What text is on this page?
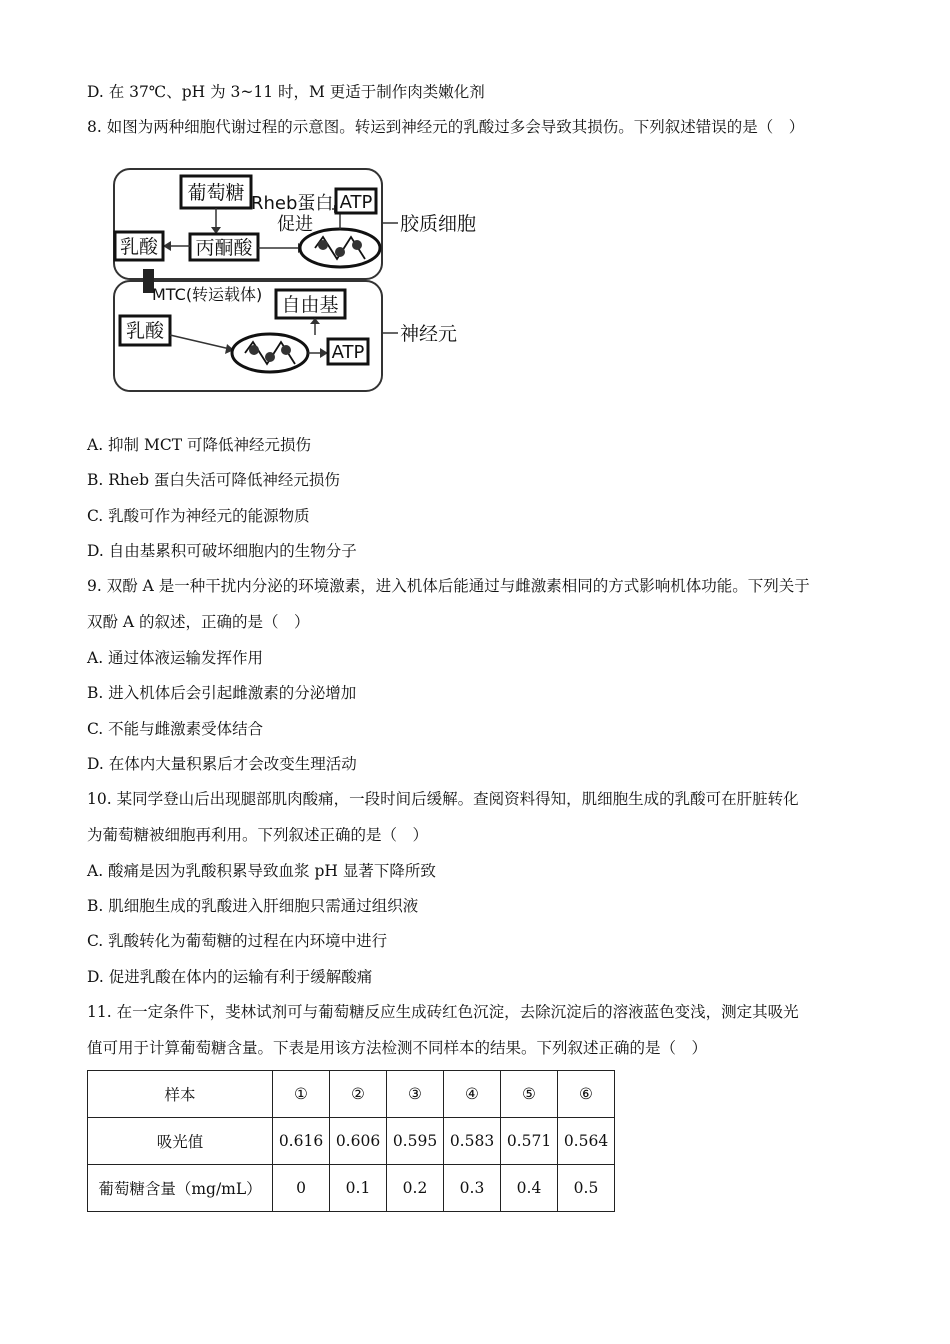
D. 在 37℃、pH 为 3~11 时，M 更适于制作肉类嫩化剂
8. 如图为两种细胞代谢过程的示意图。转运到神经元的乳酸过多会导致其损伤。下列叙述错误的是（　）
葡萄糖
丙酮酸
乳酸
Rheb蛋白
促进
ATP
胶质细胞
MTC(转运载体) 自由基
乳酸
ATP
神经元
A. 抑制 MCT 可降低神经元损伤
B. Rheb 蛋白失活可降低神经元损伤
C. 乳酸可作为神经元的能源物质
D. 自由基累积可破坏细胞内的生物分子
9. 双酚 A 是一种干扰内分泌的环境激素，进入机体后能通过与雌激素相同的方式影响机体功能。下列关于
双酚 A 的叙述，正确的是（　）
A. 通过体液运输发挥作用
B. 进入机体后会引起雌激素的分泌增加
C. 不能与雌激素受体结合
D. 在体内大量积累后才会改变生理活动
10. 某同学登山后出现腿部肌肉酸痛，一段时间后缓解。查阅资料得知，肌细胞生成的乳酸可在肝脏转化
为葡萄糖被细胞再利用。下列叙述正确的是（　）
A. 酸痛是因为乳酸积累导致血浆 pH 显著下降所致
B. 肌细胞生成的乳酸进入肝细胞只需通过组织液
C. 乳酸转化为葡萄糖的过程在内环境中进行
D. 促进乳酸在体内的运输有利于缓解酸痛
11. 在一定条件下，斐林试剂可与葡萄糖反应生成砖红色沉淀，去除沉淀后的溶液蓝色变浅，测定其吸光
值可用于计算葡萄糖含量。下表是用该方法检测不同样本的结果。下列叙述正确的是（　）
样本	①	②	③	④	⑤	⑥
吸光值	0.616	0.606	0.595	0.583	0.571	0.564
葡萄糖含量（mg/mL）	0	0.1	0.2	0.3	0.4	0.5
